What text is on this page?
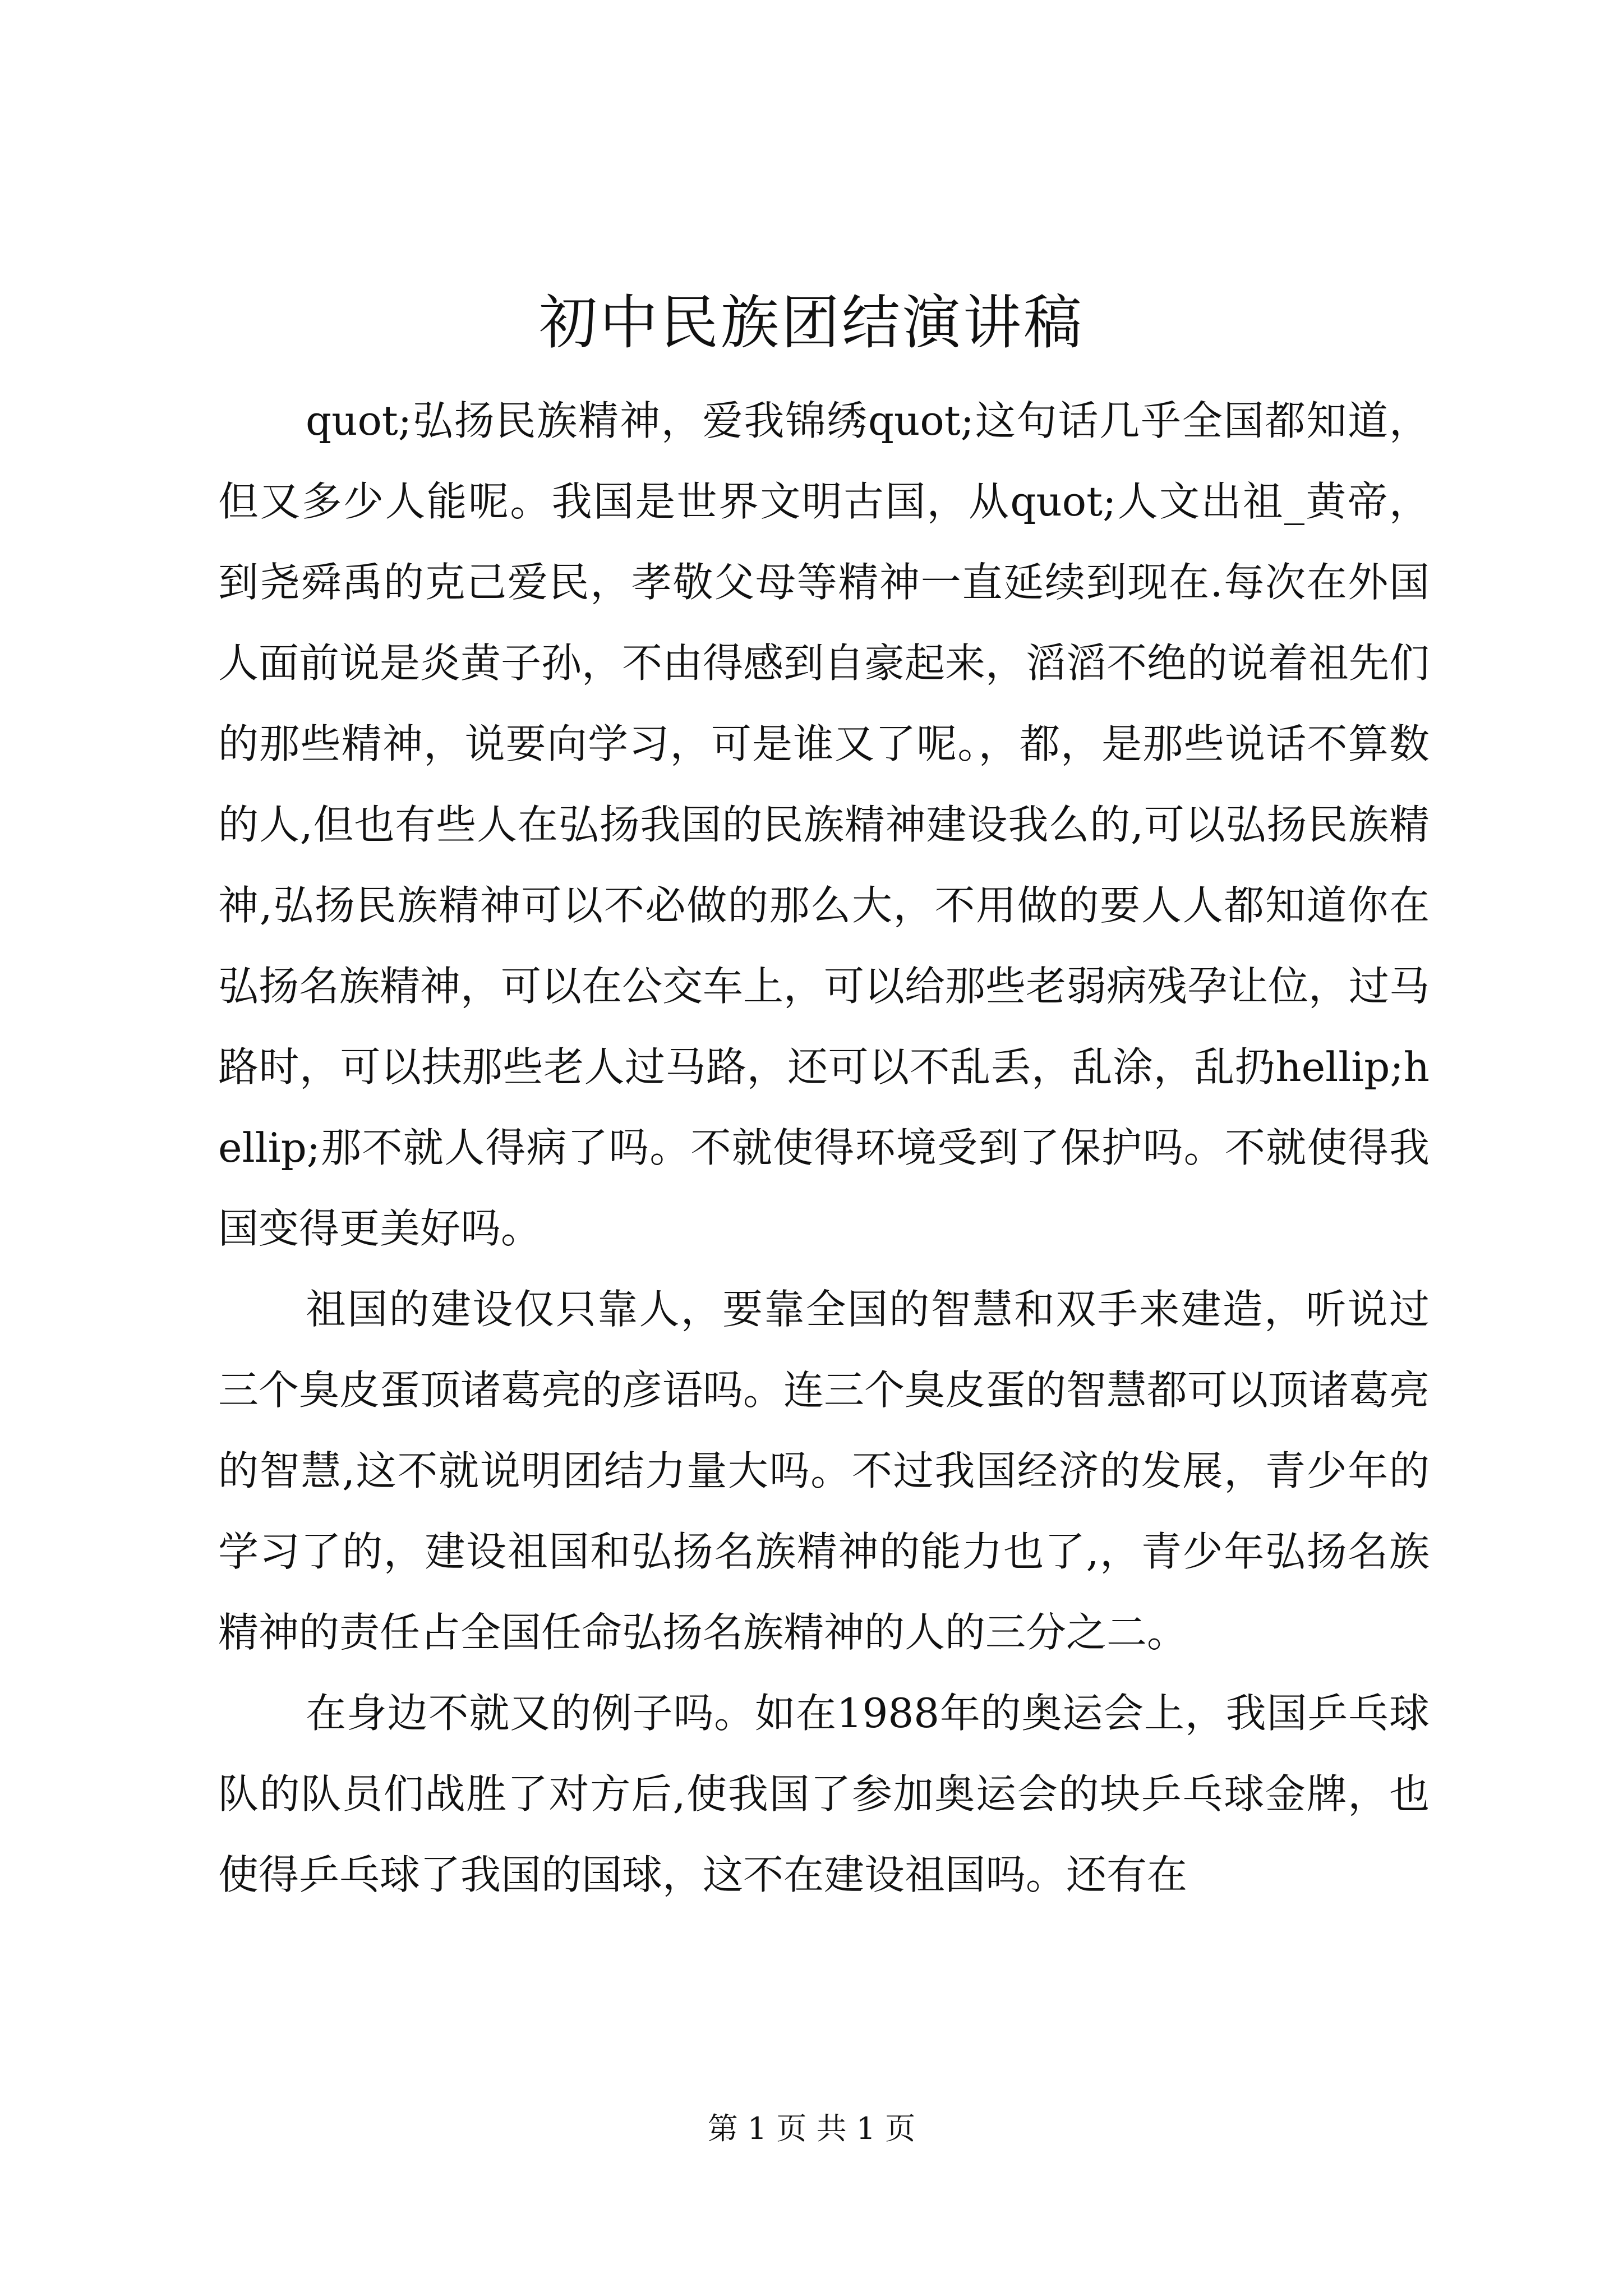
初中民族团结演讲稿

quot;弘扬民族精神，爱我锦绣quot;这句话几乎全国都知道，但又多少人能呢。我国是世界文明古国，从quot;人文出祖_黄帝，到尧舜禹的克己爱民，孝敬父母等精神一直延续到现在.每次在外国人面前说是炎黄子孙，不由得感到自豪起来，滔滔不绝的说着祖先们的那些精神，说要向学习，可是谁又了呢。，都，是那些说话不算数的人,但也有些人在弘扬我国的民族精神建设我么的,可以弘扬民族精神,弘扬民族精神可以不必做的那么大，不用做的要人人都知道你在弘扬名族精神，可以在公交车上，可以给那些老弱病残孕让位，过马路时，可以扶那些老人过马路，还可以不乱丢，乱涂，乱扔hellip;hellip;那不就人得病了吗。不就使得环境受到了保护吗。不就使得我国变得更美好吗。

祖国的建设仅只靠人，要靠全国的智慧和双手来建造，听说过三个臭皮蛋顶诸葛亮的彦语吗。连三个臭皮蛋的智慧都可以顶诸葛亮的智慧,这不就说明团结力量大吗。不过我国经济的发展，青少年的学习了的，建设祖国和弘扬名族精神的能力也了,，青少年弘扬名族精神的责任占全国任命弘扬名族精神的人的三分之二。

在身边不就又的例子吗。如在1988年的奥运会上，我国乒乓球队的队员们战胜了对方后,使我国了参加奥运会的块乒乓球金牌，也使得乒乓球了我国的国球，这不在建设祖国吗。还有在

第 1 页 共 1 页
